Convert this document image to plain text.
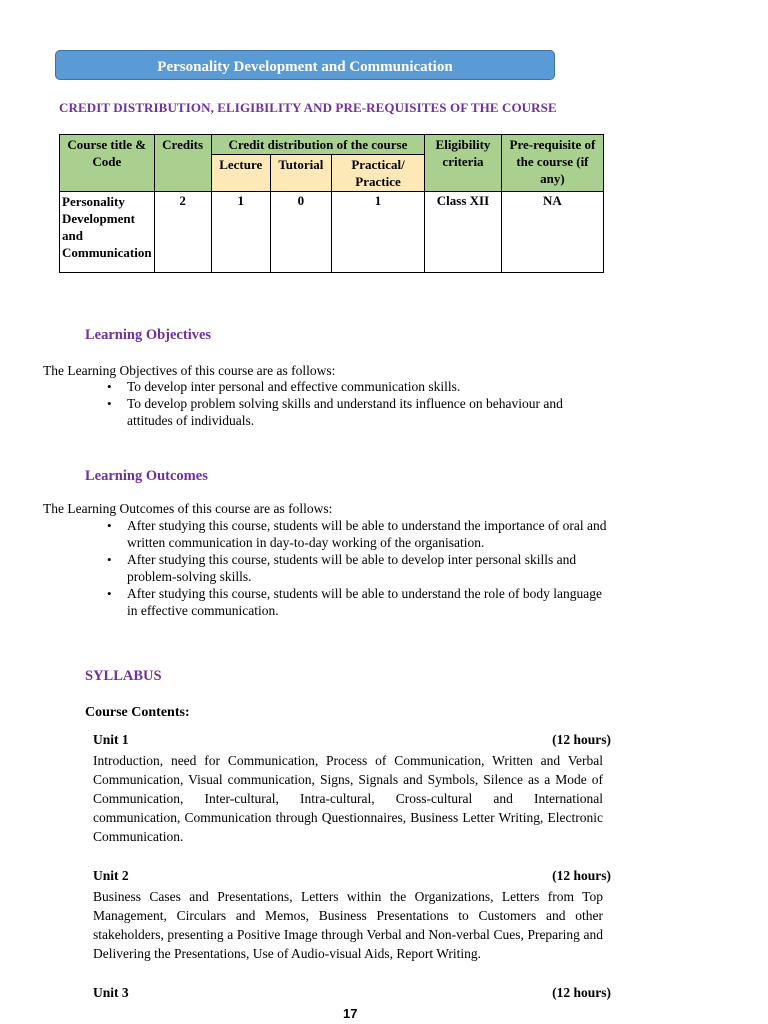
Personality Development and Communication
CREDIT DISTRIBUTION, ELIGIBILITY AND PRE-REQUISITES OF THE COURSE
Course title & Code	Credits	Credit distribution of the course			Eligibility criteria	Pre-requisite of the course (if any)
		Lecture	Tutorial	Practical/ Practice		
Personality Development and Communication	2	1	0	1	Class XII	NA
Learning Objectives
The Learning Objectives of this course are as follows:
• To develop inter personal and effective communication skills.
• To develop problem solving skills and understand its influence on behaviour and attitudes of individuals.
Learning Outcomes
The Learning Outcomes of this course are as follows:
• After studying this course, students will be able to understand the importance of oral and written communication in day-to-day working of the organisation.
• After studying this course, students will be able to develop inter personal skills and problem-solving skills.
• After studying this course, students will be able to understand the role of body language in effective communication.
SYLLABUS
Course Contents:
Unit 1	(12 hours)
Introduction, need for Communication, Process of Communication, Written and Verbal Communication, Visual communication, Signs, Signals and Symbols, Silence as a Mode of Communication, Inter-cultural, Intra-cultural, Cross-cultural and International communication, Communication through Questionnaires, Business Letter Writing, Electronic Communication.
Unit 2	(12 hours)
Business Cases and Presentations, Letters within the Organizations, Letters from Top Management, Circulars and Memos, Business Presentations to Customers and other stakeholders, presenting a Positive Image through Verbal and Non-verbal Cues, Preparing and Delivering the Presentations, Use of Audio-visual Aids, Report Writing.
Unit 3	(12 hours)
17
